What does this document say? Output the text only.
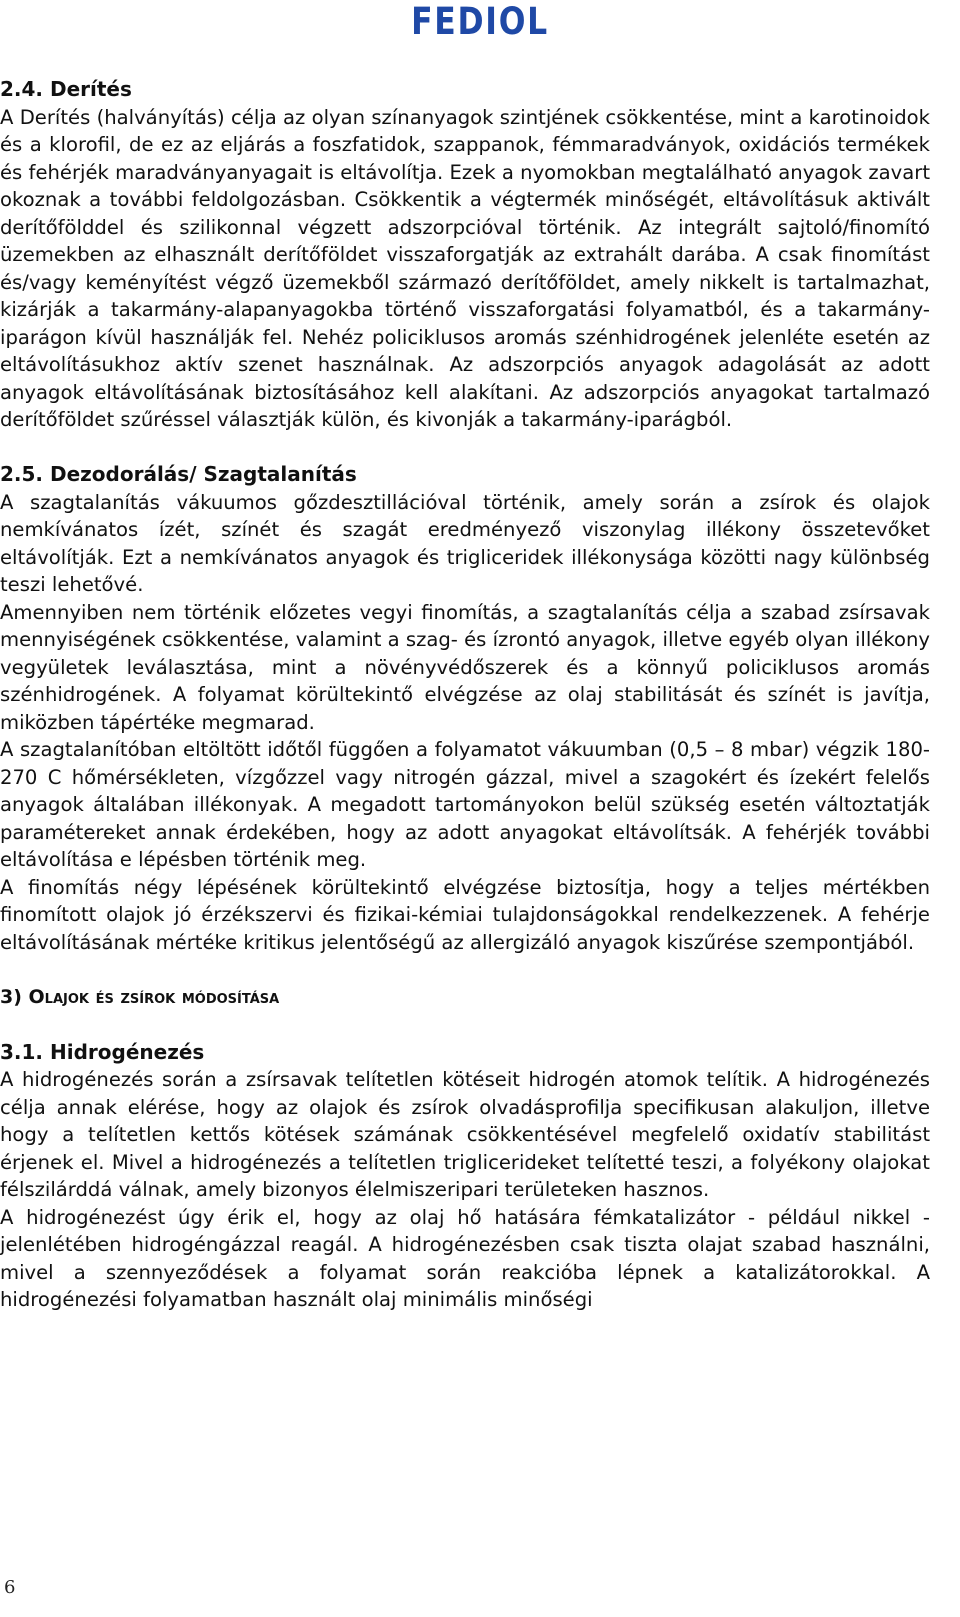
FEDIOL

2.4. Derítés

A Derítés (halványítás) célja az olyan színanyagok szintjének csökkentése, mint a karotinoidok és a klorofil, de ez az eljárás a foszfatidok, szappanok, fémmaradványok, oxidációs termékek és fehérjék maradványanyagait is eltávolítja. Ezek a nyomokban megtalálható anyagok zavart okoznak a további feldolgozásban. Csökkentik a végtermék minőségét, eltávolításuk aktivált derítőfölddel és szilikonnal végzett adszorpcióval történik. Az integrált sajtoló/finomító üzemekben az elhasznált derítőföldet visszaforgatják az extrahált darába. A csak finomítást és/vagy keményítést végző üzemekből származó derítőföldet, amely nikkelt is tartalmazhat, kizárják a takarmány-alapanyagokba történő visszaforgatási folyamatból, és a takarmány-iparágon kívül használják fel. Nehéz policiklusos aromás szénhidrogének jelenléte esetén az eltávolításukhoz aktív szenet használnak. Az adszorpciós anyagok adagolását az adott anyagok eltávolításának biztosításához kell alakítani. Az adszorpciós anyagokat tartalmazó derítőföldet szűréssel választják külön, és kivonják a takarmány-iparágból.

2.5. Dezodorálás/ Szagtalanítás

A szagtalanítás vákuumos gőzdesztillációval történik, amely során a zsírok és olajok nemkívánatos ízét, színét és szagát eredményező viszonylag illékony összetevőket eltávolítják. Ezt a nemkívánatos anyagok és trigliceridek illékonysága közötti nagy különbség teszi lehetővé.

Amennyiben nem történik előzetes vegyi finomítás, a szagtalanítás célja a szabad zsírsavak mennyiségének csökkentése, valamint a szag- és ízrontó anyagok, illetve egyéb olyan illékony vegyületek leválasztása, mint a növényvédőszerek és a könnyű policiklusos aromás szénhidrogének. A folyamat körültekintő elvégzése az olaj stabilitását és színét is javítja, miközben tápértéke megmarad.

A szagtalanítóban eltöltött időtől függően a folyamatot vákuumban (0,5 – 8 mbar) végzik 180-270 C hőmérsékleten, vízgőzzel vagy nitrogén gázzal, mivel a szagokért és ízekért felelős anyagok általában illékonyak. A megadott tartományokon belül szükség esetén változtatják paramétereket annak érdekében, hogy az adott anyagokat eltávolítsák. A fehérjék további eltávolítása e lépésben történik meg.

A finomítás négy lépésének körültekintő elvégzése biztosítja, hogy a teljes mértékben finomított olajok jó érzékszervi és fizikai-kémiai tulajdonságokkal rendelkezzenek. A fehérje eltávolításának mértéke kritikus jelentőségű az allergizáló anyagok kiszűrése szempontjából.

3) Olajok és zsírok módosítása

3.1. Hidrogénezés

A hidrogénezés során a zsírsavak telítetlen kötéseit hidrogén atomok telítik. A hidrogénezés célja annak elérése, hogy az olajok és zsírok olvadásprofilja specifikusan alakuljon, illetve hogy a telítetlen kettős kötések számának csökkentésével megfelelő oxidatív stabilitást érjenek el. Mivel a hidrogénezés a telítetlen triglicerideket telítetté teszi, a folyékony olajokat félszilárddá válnak, amely bizonyos élelmiszeripari területeken hasznos.

A hidrogénezést úgy érik el, hogy az olaj hő hatására fémkatalizátor - például nikkel - jelenlétében hidrogéngázzal reagál. A hidrogénezésben csak tiszta olajat szabad használni, mivel a szennyeződések a folyamat során reakcióba lépnek a katalizátorokkal. A hidrogénezési folyamatban használt olaj minimális minőségi

6
